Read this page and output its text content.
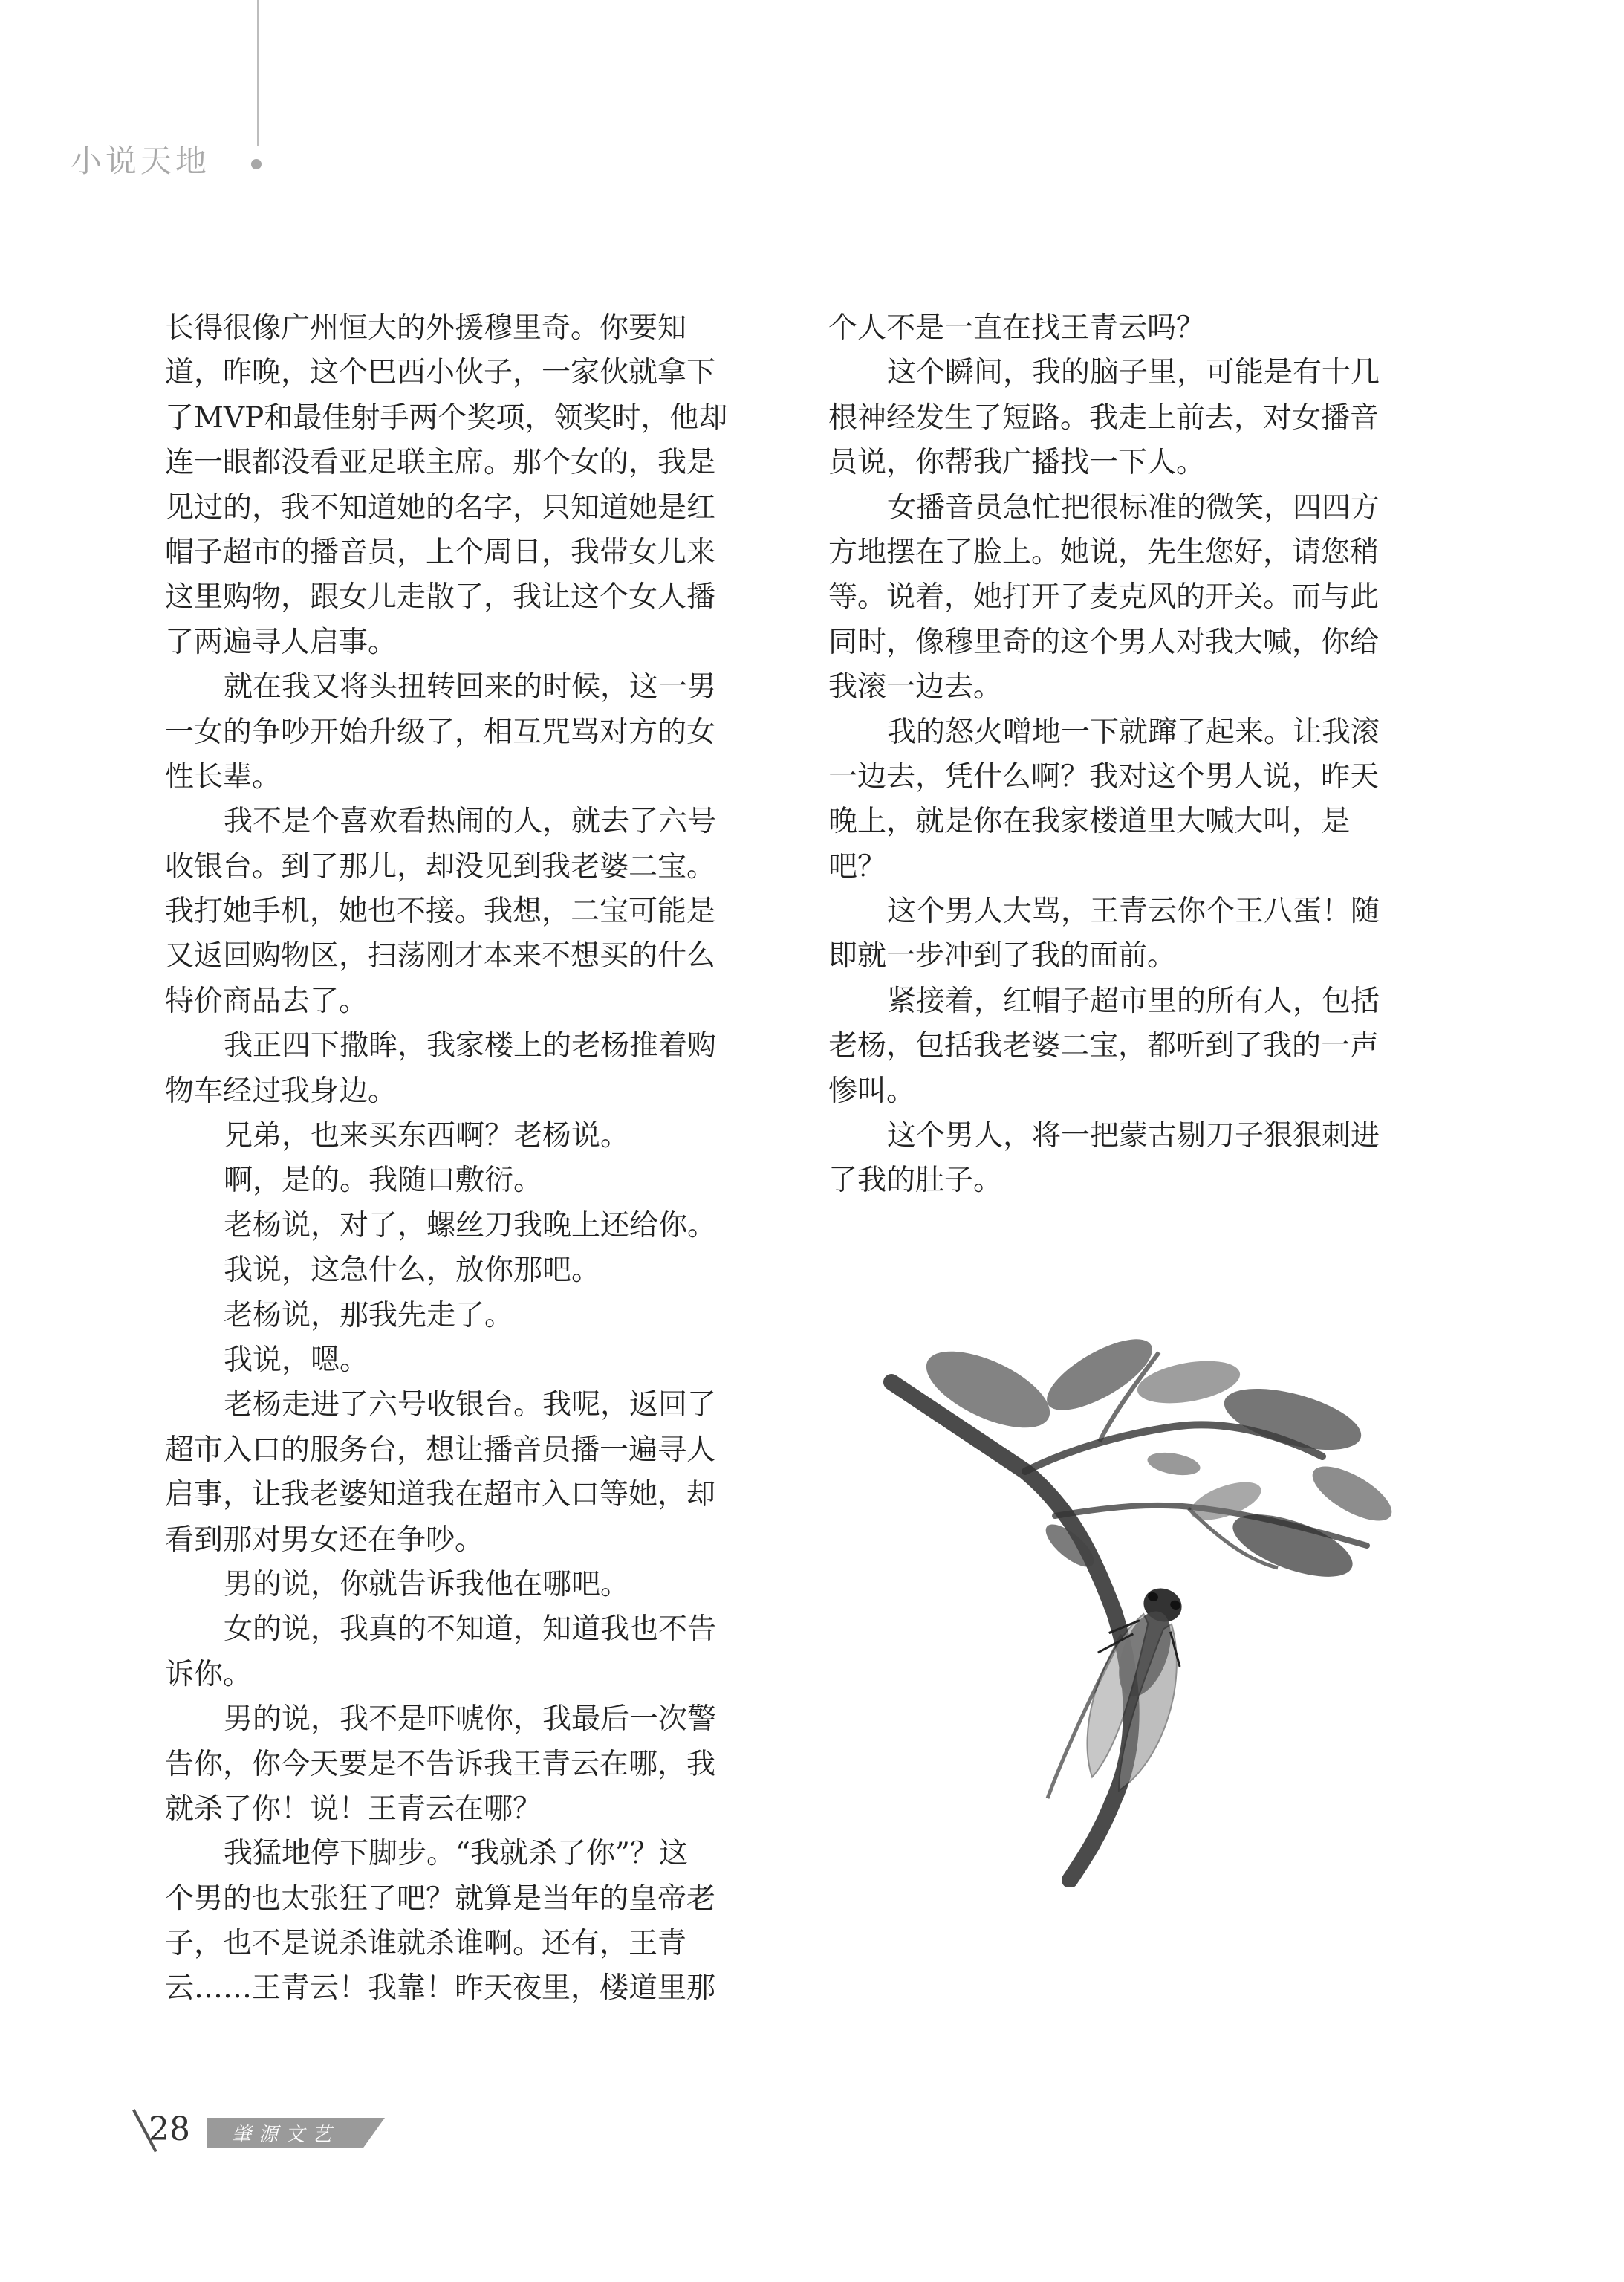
小说天地
长得很像广州恒大的外援穆里奇。你要知
道，昨晚，这个巴西小伙子，一家伙就拿下
了MVP和最佳射手两个奖项，领奖时，他却
连一眼都没看亚足联主席。那个女的，我是
见过的，我不知道她的名字，只知道她是红
帽子超市的播音员，上个周日，我带女儿来
这里购物，跟女儿走散了，我让这个女人播
了两遍寻人启事。
就在我又将头扭转回来的时候，这一男
一女的争吵开始升级了，相互咒骂对方的女
性长辈。
我不是个喜欢看热闹的人，就去了六号
收银台。到了那儿，却没见到我老婆二宝。
我打她手机，她也不接。我想，二宝可能是
又返回购物区，扫荡刚才本来不想买的什么
特价商品去了。
我正四下撒眸，我家楼上的老杨推着购
物车经过我身边。
兄弟，也来买东西啊？老杨说。
啊，是的。我随口敷衍。
老杨说，对了，螺丝刀我晚上还给你。
我说，这急什么，放你那吧。
老杨说，那我先走了。
我说，嗯。
老杨走进了六号收银台。我呢，返回了
超市入口的服务台，想让播音员播一遍寻人
启事，让我老婆知道我在超市入口等她，却
看到那对男女还在争吵。
男的说，你就告诉我他在哪吧。
女的说，我真的不知道，知道我也不告
诉你。
男的说，我不是吓唬你，我最后一次警
告你，你今天要是不告诉我王青云在哪，我
就杀了你！说！王青云在哪？
我猛地停下脚步。“我就杀了你”？这
个男的也太张狂了吧？就算是当年的皇帝老
子，也不是说杀谁就杀谁啊。还有，王青
云……王青云！我靠！昨天夜里，楼道里那
个人不是一直在找王青云吗？
这个瞬间，我的脑子里，可能是有十几
根神经发生了短路。我走上前去，对女播音
员说，你帮我广播找一下人。
女播音员急忙把很标准的微笑，四四方
方地摆在了脸上。她说，先生您好，请您稍
等。说着，她打开了麦克风的开关。而与此
同时，像穆里奇的这个男人对我大喊，你给
我滚一边去。
我的怒火噌地一下就蹿了起来。让我滚
一边去，凭什么啊？我对这个男人说，昨天
晚上，就是你在我家楼道里大喊大叫，是
吧？
这个男人大骂，王青云你个王八蛋！随
即就一步冲到了我的面前。
紧接着，红帽子超市里的所有人，包括
老杨，包括我老婆二宝，都听到了我的一声
惨叫。
这个男人，将一把蒙古剔刀子狠狠刺进
了我的肚子。
28 肇源文艺
